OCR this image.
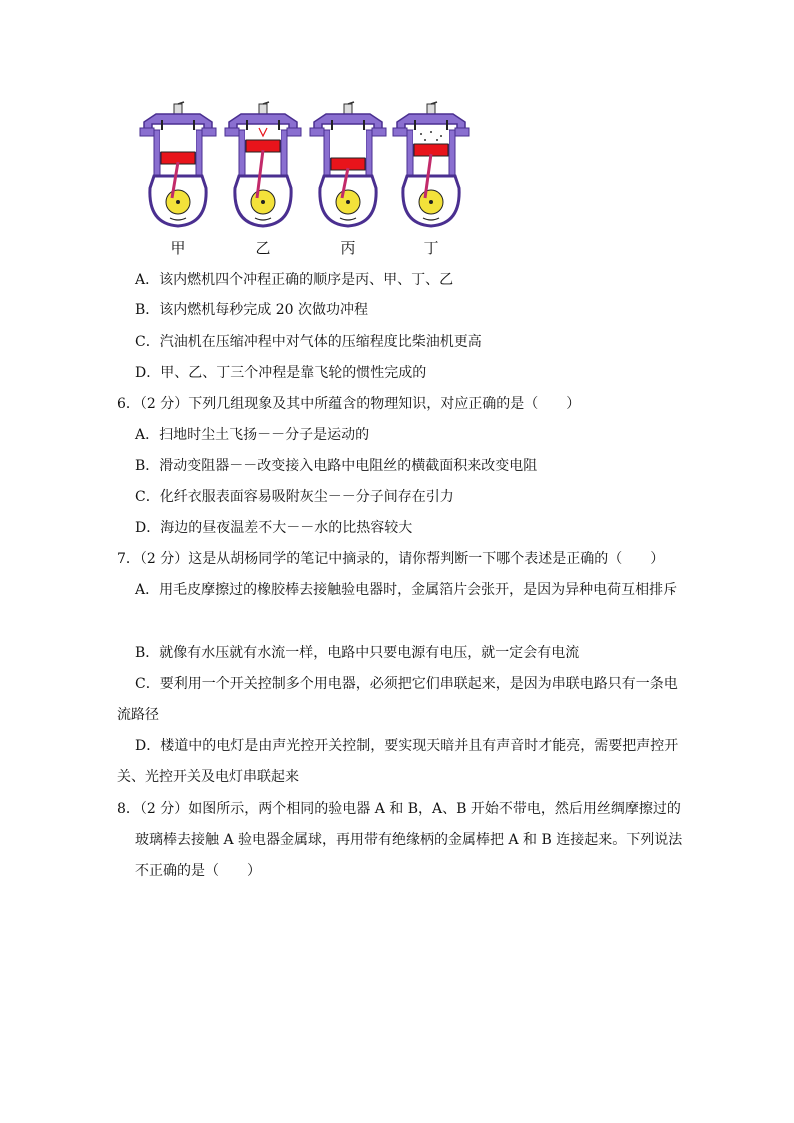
甲	乙	丙	丁
A．该内燃机四个冲程正确的顺序是丙、甲、丁、乙
B．该内燃机每秒完成 20 次做功冲程
C．汽油机在压缩冲程中对气体的压缩程度比柴油机更高
D．甲、乙、丁三个冲程是靠飞轮的惯性完成的
6．（2 分）下列几组现象及其中所蕴含的物理知识，对应正确的是（　　）
A．扫地时尘土飞扬－－分子是运动的
B．滑动变阻器－－改变接入电路中电阻丝的横截面积来改变电阻
C．化纤衣服表面容易吸附灰尘－－分子间存在引力
D．海边的昼夜温差不大－－水的比热容较大
7．（2 分）这是从胡杨同学的笔记中摘录的，请你帮判断一下哪个表述是正确的（　　）
A．用毛皮摩擦过的橡胶棒去接触验电器时，金属箔片会张开，是因为异种电荷互相排斥
B．就像有水压就有水流一样，电路中只要电源有电压，就一定会有电流
C．要利用一个开关控制多个用电器，必须把它们串联起来，是因为串联电路只有一条电
流路径
D．楼道中的电灯是由声光控开关控制，要实现天暗并且有声音时才能亮，需要把声控开
关、光控开关及电灯串联起来
8．（2 分）如图所示，两个相同的验电器 A 和 B，A、B 开始不带电，然后用丝绸摩擦过的
玻璃棒去接触 A 验电器金属球，再用带有绝缘柄的金属棒把 A 和 B 连接起来。下列说法
不正确的是（　　）
